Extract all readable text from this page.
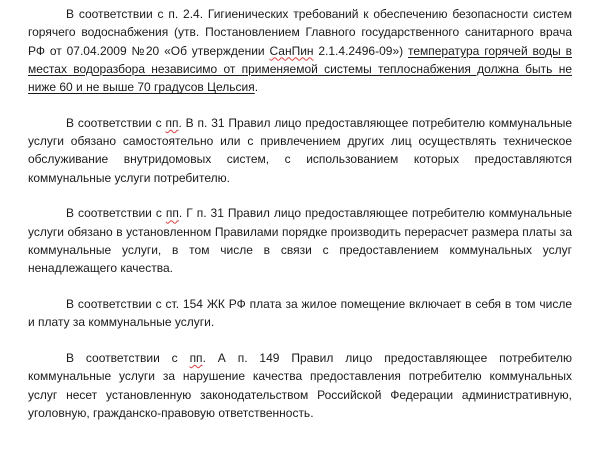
В соответствии с п. 2.4. Гигиенических требований к обеспечению безопасности систем горячего водоснабжения (утв. Постановлением Главного государственного санитарного врача РФ от 07.04.2009 №20 «Об утверждении СанПин 2.1.4.2496-09») температура горячей воды в местах водоразбора независимо от применяемой системы теплоснабжения должна быть не ниже 60 и не выше 70 градусов Цельсия.

В соответствии с пп. В п. 31 Правил лицо предоставляющее потребителю коммунальные услуги обязано самостоятельно или с привлечением других лиц осуществлять техническое обслуживание внутридомовых систем, с использованием которых предоставляются коммунальные услуги потребителю.

В соответствии с пп. Г п. 31 Правил лицо предоставляющее потребителю коммунальные услуги обязано в установленном Правилами порядке производить перерасчет размера платы за коммунальные услуги, в том числе в связи с предоставлением коммунальных услуг ненадлежащего качества.

В соответствии с ст. 154 ЖК РФ плата за жилое помещение включает в себя в том числе и плату за коммунальные услуги.

В соответствии с пп. А п. 149 Правил лицо предоставляющее потребителю коммунальные услуги за нарушение качества предоставления потребителю коммунальных услуг несет установленную законодательством Российской Федерации административную, уголовную, гражданско-правовую ответственность.
